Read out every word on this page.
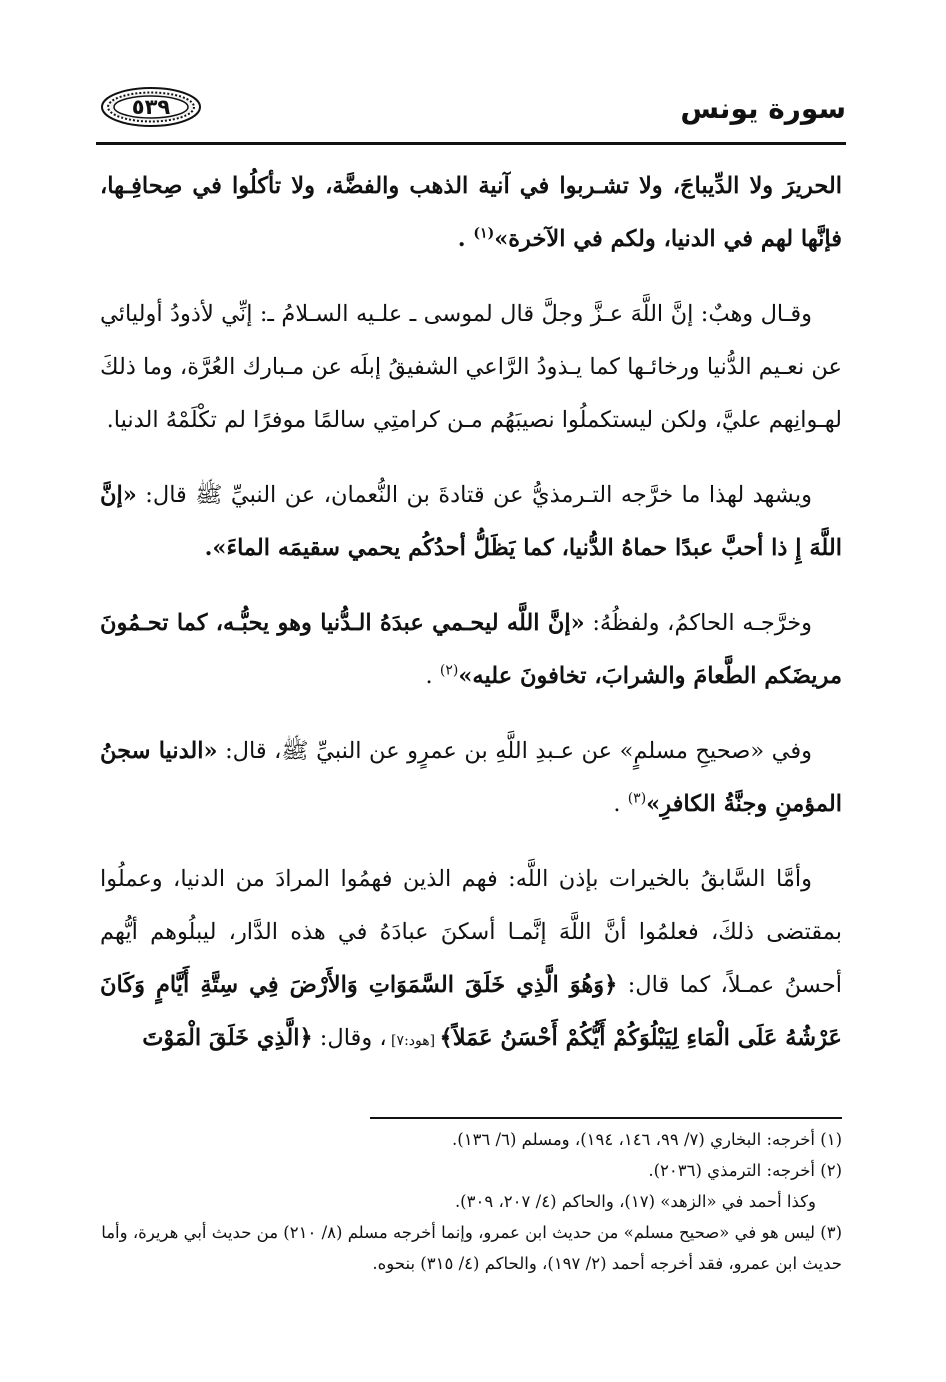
سورة يونس
٥٣٩

الحريرَ ولا الدِّيباجَ، ولا تشـربوا في آنية الذهب والفضَّة، ولا تأكلُوا في صِحافِـها، فإنَّها لهم في الدنيا، ولكم في الآخرة»$^{(١)}$ .

وقـال وهبٌ: إنَّ اللَّهَ عـزَّ وجلَّ قال لموسى ـ علـيه السـلامُ ـ: إنِّي لأذودُ أوليائي عن نعـيم الدُّنيا ورخائـها كما يـذودُ الرَّاعي الشفيقُ إبلَه عن مـبارك العُرَّة، وما ذلكَ لهـوانِهم عليَّ، ولكن ليستكملُوا نصيبَهُم مـن كرامتِي سالمًا موفرًا لم تكْلَمْهُ الدنيا.

ويشهد لهذا ما خرَّجه التـرمذيُّ عن قتادةَ بن النُّعمان، عن النبيِّ ﷺ قال: «إنَّ اللَّهَ إِ ذا أحبَّ عبدًا حماهُ الدُّنيا، كما يَظَلُّ أحدُكُم يحمي سقيمَه الماءَ».

وخرَّجـه الحاكمُ، ولفظُهُ: «إنَّ اللَّه ليحـمي عبدَهُ الـدُّنيا وهو يحبُّـه، كما تحـمُونَ مريضَكم الطَّعامَ والشرابَ، تخافونَ عليه»$^{(٢)}$ .

وفي «صحيحِ مسلمٍ» عن عـبدِ اللَّهِ بن عمرٍو عن النبيِّ ﷺ، قال: «الدنيا سجنُ المؤمنِ وجنَّةُ الكافرِ»$^{(٣)}$ .

وأمَّا السَّابقُ بالخيرات بإذن اللَّه: فهم الذين فهمُوا المرادَ من الدنيا، وعملُوا بمقتضى ذلكَ، فعلمُوا أنَّ اللَّهَ إنَّمـا أسكنَ عبادَهُ في هذه الدَّار، ليبلُوهم أيُّهم أحسنُ عمـلاً، كما قال: ﴿وَهُوَ الَّذِي خَلَقَ السَّمَوَاتِ وَالأَرْضَ فِي سِتَّةِ أَيَّامٍ وَكَانَ عَرْشُهُ عَلَى الْمَاءِ لِيَبْلُوَكُمْ أَيُّكُمْ أَحْسَنُ عَمَلاً﴾ [هود:٧] ، وقال: ﴿الَّذِي خَلَقَ الْمَوْتَ

(١) أخرجه: البخاري (٧/ ٩٩، ١٤٦، ١٩٤)، ومسلم (٦/ ١٣٦).

(٢) أخرجه: الترمذي (٢٠٣٦).

وكذا أحمد في «الزهد» (١٧)، والحاكم (٤/ ٢٠٧، ٣٠٩).

(٣) ليس هو في «صحيح مسلم» من حديث ابن عمرو، وإنما أخرجه مسلم (٨/ ٢١٠) من حديث أبي هريرة، وأما حديث ابن عمرو، فقد أخرجه أحمد (٢/ ١٩٧)، والحاكم (٤/ ٣١٥) بنحوه.
